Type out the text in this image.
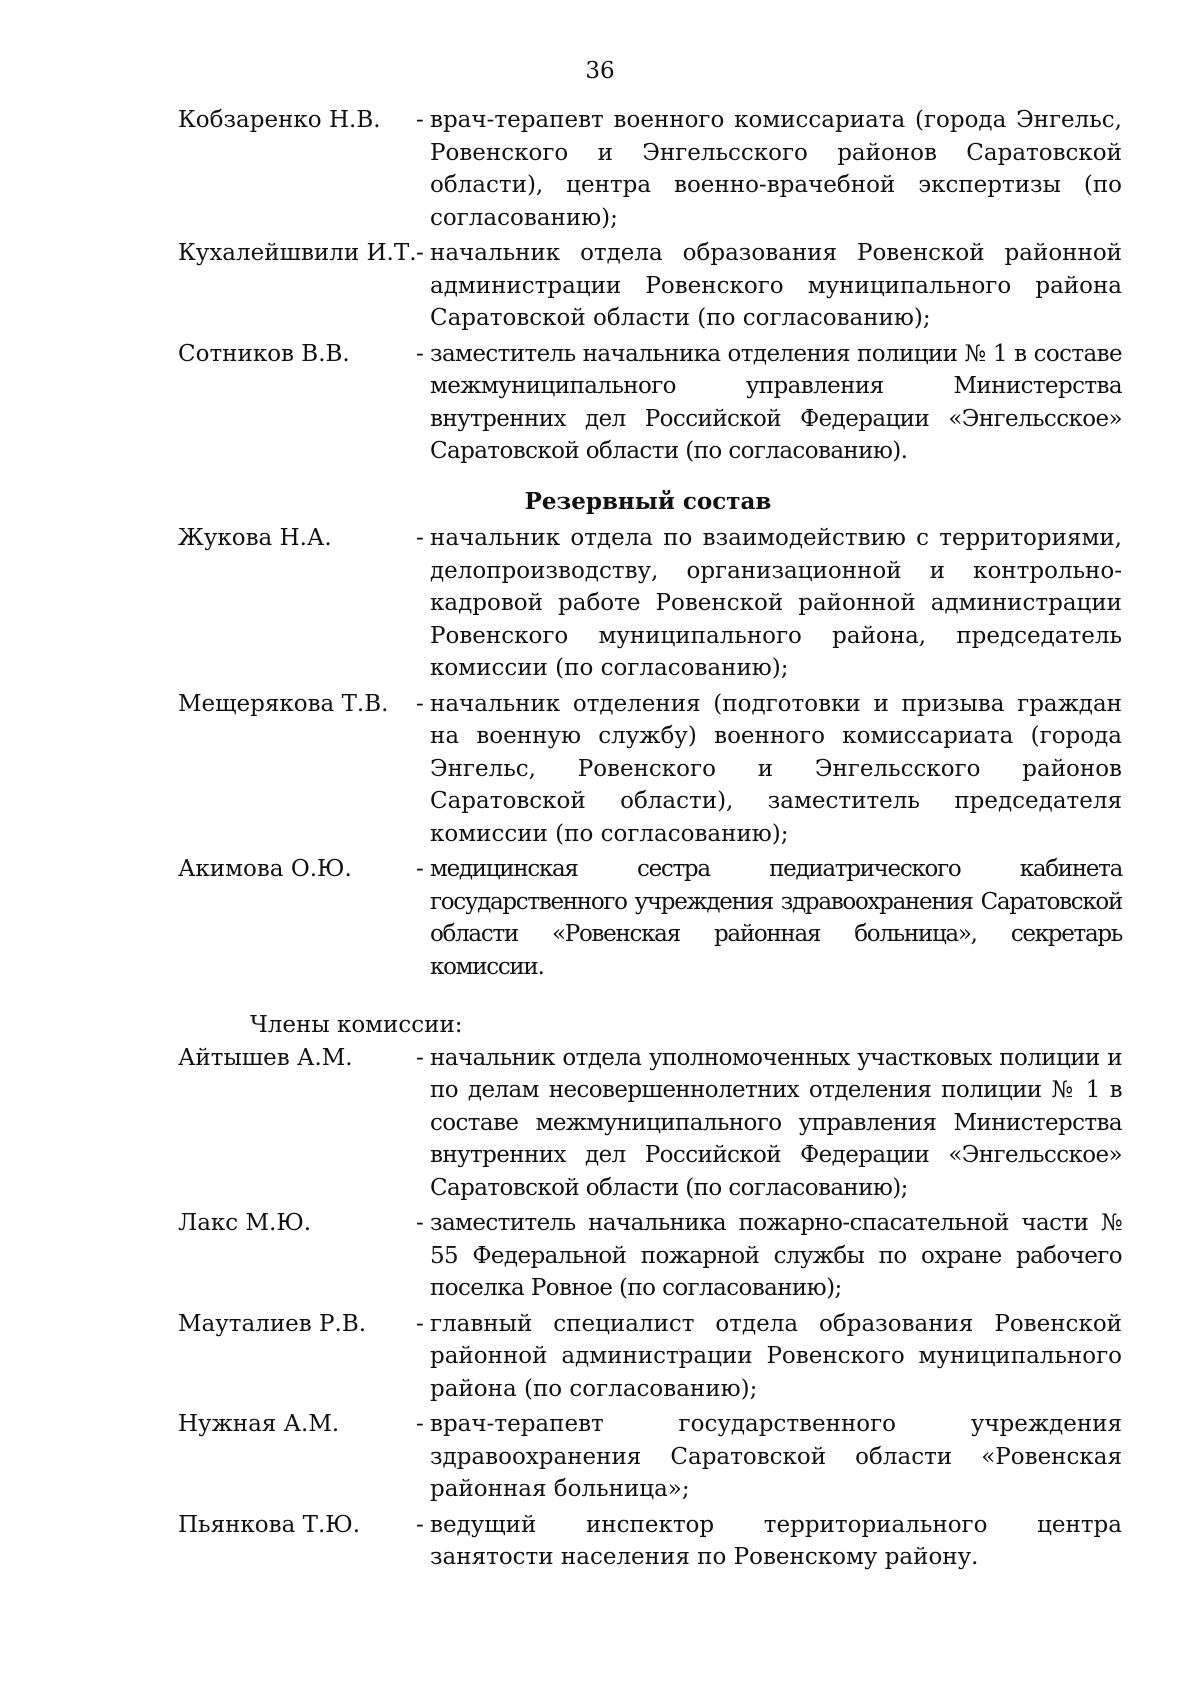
36
Кобзаренко Н.В.	- врач-терапевт военного комиссариата (города Энгельс, Ровенского и Энгельсского районов Саратовской области), центра военно-врачебной экспертизы (по согласованию);
Кухалейшвили И.Т. - начальник отдела образования Ровенской районной администрации Ровенского муниципального района Саратовской области (по согласованию);
Сотников В.В.	- заместитель начальника отделения полиции № 1 в составе межмуниципального управления Министерства внутренних дел Российской Федерации «Энгельсское» Саратовской области (по согласованию).
Резервный состав
Жукова Н.А.	- начальник отдела по взаимодействию с территориями, делопроизводству, организационной и контрольно-кадровой работе Ровенской районной администрации Ровенского муниципального района, председатель комиссии (по согласованию);
Мещерякова Т.В.	- начальник отделения (подготовки и призыва граждан на военную службу) военного комиссариата (города Энгельс, Ровенского и Энгельсского районов Саратовской области), заместитель председателя комиссии (по согласованию);
Акимова О.Ю.	- медицинская сестра педиатрического кабинета государственного учреждения здравоохранения Саратовской области «Ровенская районная больница», секретарь комиссии.
Члены комиссии:
Айтышев А.М.	- начальник отдела уполномоченных участковых полиции и по делам несовершеннолетних отделения полиции № 1 в составе межмуниципального управления Министерства внутренних дел Российской Федерации «Энгельсское» Саратовской области (по согласованию);
Лакс М.Ю.	- заместитель начальника пожарно-спасательной части № 55 Федеральной пожарной службы по охране рабочего поселка Ровное (по согласованию);
Мауталиев Р.В.	- главный специалист отдела образования Ровенской районной администрации Ровенского муниципального района (по согласованию);
Нужная А.М.	- врач-терапевт государственного учреждения здравоохранения Саратовской области «Ровенская районная больница»;
Пьянкова Т.Ю.	- ведущий инспектор территориального центра занятости населения по Ровенскому району.
